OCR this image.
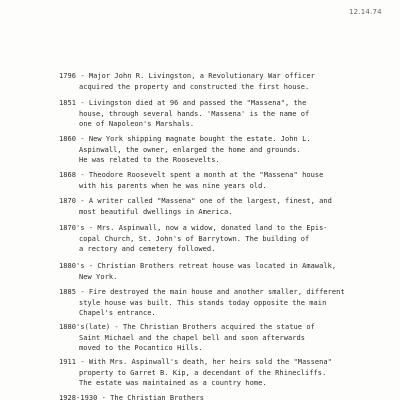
12.14.74
1796 - Major John R. Livingston, a Revolutionary War officer
acquired the property and constructed the first house.
1851 - Livingston died at 96 and passed the "Massena", the
house, through several hands. 'Massena' is the name of
one of Napoleon's Marshals.
1860 - New York shipping magnate bought the estate. John L.
Aspinwall, the owner, enlarged the home and grounds.
He was related to the Roosevelts.
1868 - Theodore Roosevelt spent a month at the "Massena" house
with his parents when he was nine years old.
1870 - A writer called "Massena" one of the largest, finest, and
most beautiful dwellings in America.
1870's - Mrs. Aspinwall, now a widow, donated land to the Epis-
copal Church, St. John's of Barrytown. The building of
a rectory and cemetery followed.
1880's - Christian Brothers retreat house was located in Amawalk,
New York.
1885 - Fire destroyed the main house and another smaller, different
style house was built. This stands today opposite the main
Chapel's entrance.
1880's(late) - The Christian Brothers acquired the statue of
Saint Michael and the chapel bell and soon afterwards
moved to the Pocantico Hills.
1911 - With Mrs. Aspinwall's death, her heirs sold the "Massena"
property to Garret B. Kip, a decendant of the Rhinecliffs.
The estate was maintained as a country home.
1928-1930 - The Christian Brothers
